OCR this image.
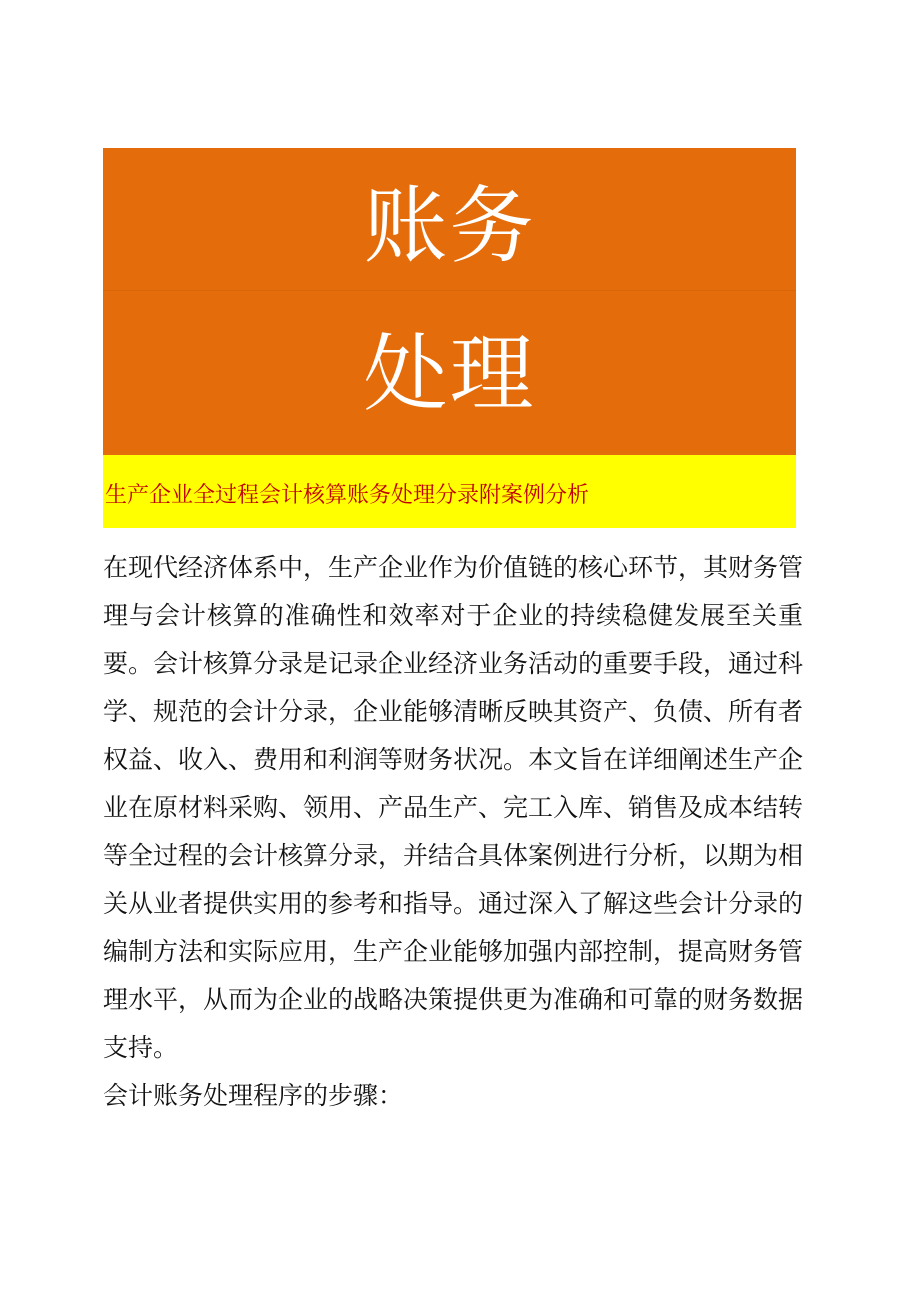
账务
处理
生产企业全过程会计核算账务处理分录附案例分析

在现代经济体系中，生产企业作为价值链的核心环节，其财务管理与会计核算的准确性和效率对于企业的持续稳健发展至关重要。会计核算分录是记录企业经济业务活动的重要手段，通过科学、规范的会计分录，企业能够清晰反映其资产、负债、所有者权益、收入、费用和利润等财务状况。本文旨在详细阐述生产企业在原材料采购、领用、产品生产、完工入库、销售及成本结转等全过程的会计核算分录，并结合具体案例进行分析，以期为相关从业者提供实用的参考和指导。通过深入了解这些会计分录的编制方法和实际应用，生产企业能够加强内部控制，提高财务管理水平，从而为企业的战略决策提供更为准确和可靠的财务数据支持。

会计账务处理程序的步骤：
